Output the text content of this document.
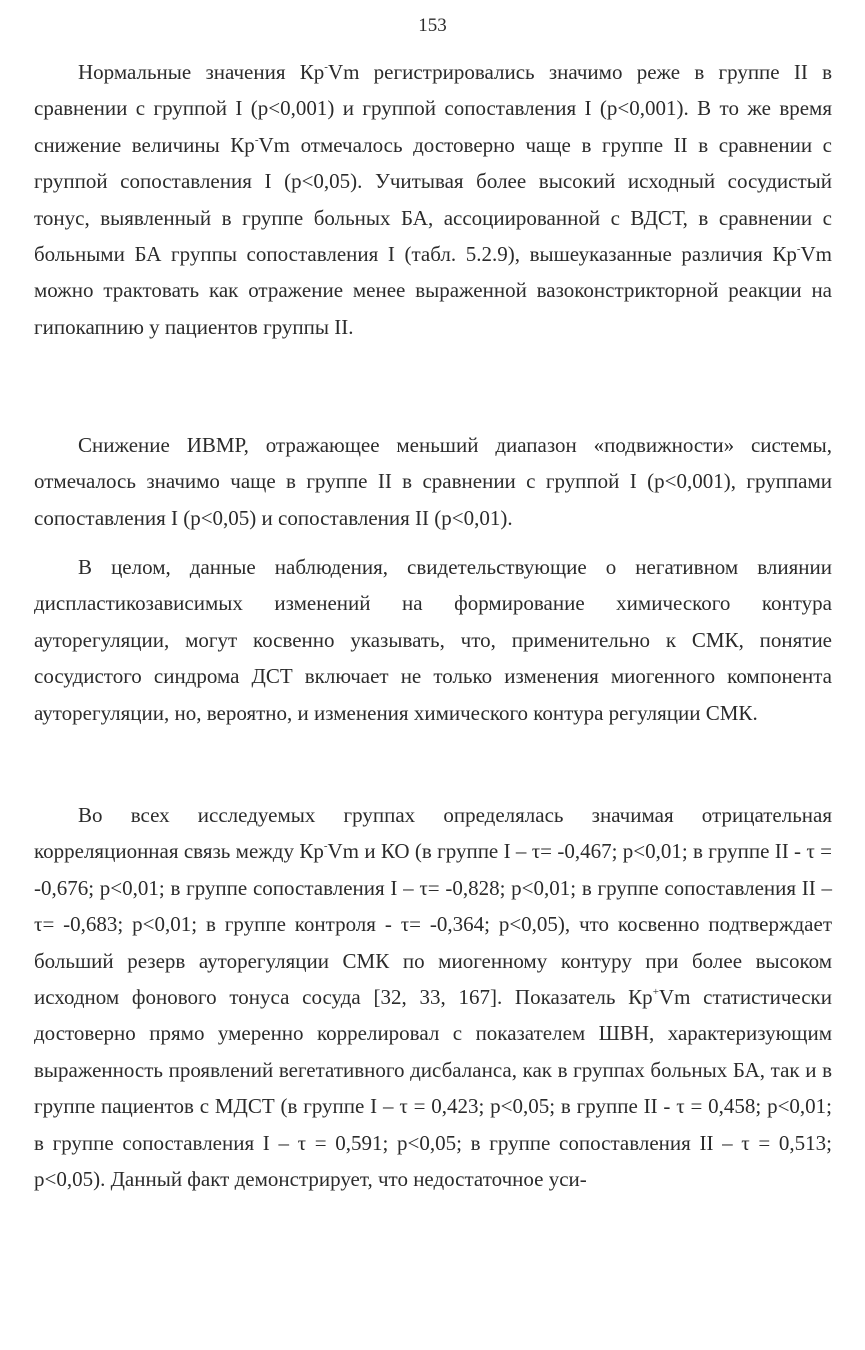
153

Нормальные значения Кр-Vm регистрировались значимо реже в группе II в сравнении с группой I (p<0,001) и группой сопоставления I (p<0,001). В то же время снижение величины Кр-Vm отмечалось достоверно чаще в группе II в сравнении с группой сопоставления I (p<0,05). Учитывая более высокий исходный сосудистый тонус, выявленный в группе больных БА, ассоциированной с ВДСТ, в сравнении с больными БА группы сопоставления I (табл. 5.2.9), вышеуказанные различия Кр-Vm можно трактовать как отражение менее выраженной вазоконстрикторной реакции на гипокапнию у пациентов группы II.

Снижение ИВМР, отражающее меньший диапазон «подвижности» системы, отмечалось значимо чаще в группе II в сравнении с группой I (p<0,001), группами сопоставления I (p<0,05) и сопоставления II (p<0,01).

В целом, данные наблюдения, свидетельствующие о негативном влиянии диспластикозависимых изменений на формирование химического контура ауторегуляции, могут косвенно указывать, что, применительно к СМК, понятие сосудистого синдрома ДСТ включает не только изменения миогенного компонента ауторегуляции, но, вероятно, и изменения химического контура регуляции СМК.

Во всех исследуемых группах определялась значимая отрицательная корреляционная связь между Кр-Vm и КО (в группе I – τ= -0,467; p<0,01; в группе II - τ = -0,676; p<0,01; в группе сопоставления I – τ= -0,828; p<0,01; в группе сопоставления II – τ= -0,683; p<0,01; в группе контроля - τ= -0,364; p<0,05), что косвенно подтверждает больший резерв ауторегуляции СМК по миогенному контуру при более высоком исходном фонового тонуса сосуда [32, 33, 167]. Показатель Кр+Vm статистически достоверно прямо умеренно коррелировал с показателем ШВН, характеризующим выраженность проявлений вегетативного дисбаланса, как в группах больных БА, так и в группе пациентов с МДСТ (в группе I – τ = 0,423; p<0,05; в группе II - τ = 0,458; p<0,01; в группе сопоставления I – τ = 0,591; p<0,05; в группе сопоставления II – τ = 0,513; p<0,05). Данный факт демонстрирует, что недостаточное уси-
